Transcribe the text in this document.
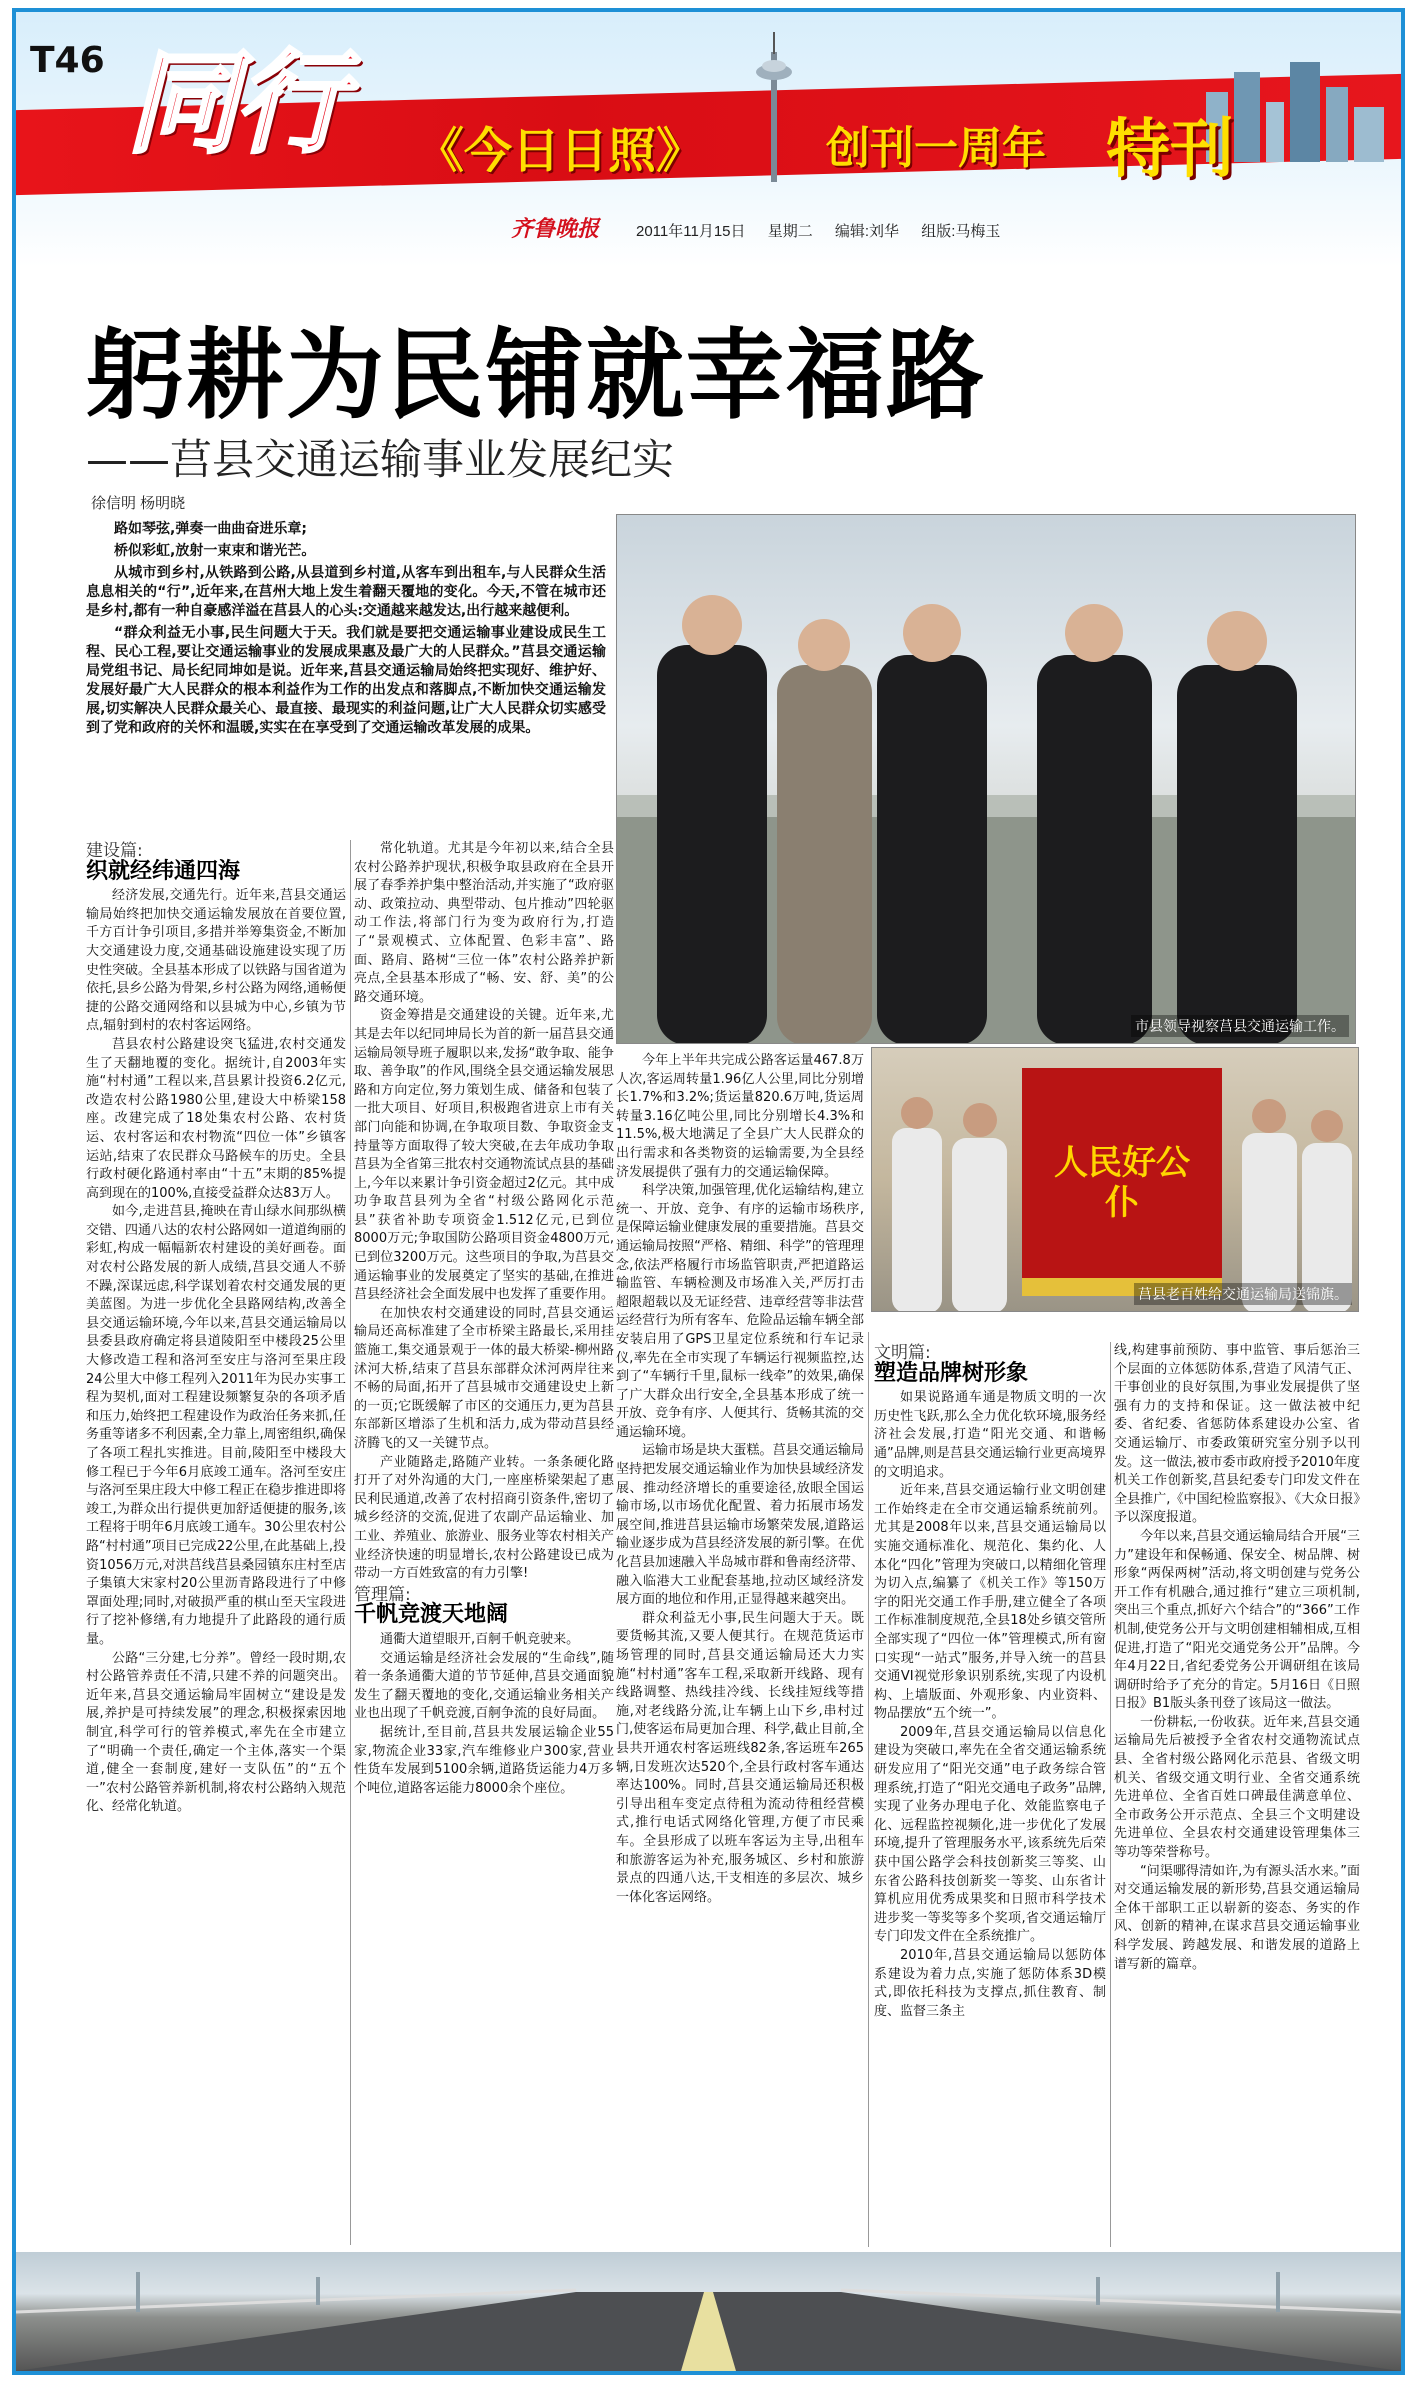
T46 同行 《今日日照》	创刊一周年 特刊
齐鲁晚报 2011年11月15日 星期二 编辑:刘华 组版:马梅玉
躬耕为民铺就幸福路
——莒县交通运输事业发展纪实
徐信明 杨明晓

路如琴弦,弹奏一曲曲奋进乐章;

桥似彩虹,放射一束束和谐光芒。

从城市到乡村,从铁路到公路,从县道到乡村道,从客车到出租车,与人民群众生活息息相关的“行”,近年来,在莒州大地上发生着翻天覆地的变化。今天,不管在城市还是乡村,都有一种自豪感洋溢在莒县人的心头:交通越来越发达,出行越来越便利。

“群众利益无小事,民生问题大于天。我们就是要把交通运输事业建设成民生工程、民心工程,要让交通运输事业的发展成果惠及最广大的人民群众。”莒县交通运输局党组书记、局长纪同坤如是说。近年来,莒县交通运输局始终把实现好、维护好、发展好最广大人民群众的根本利益作为工作的出发点和落脚点,不断加快交通运输发展,切实解决人民群众最关心、最直接、最现实的利益问题,让广大人民群众切实感受到了党和政府的关怀和温暖,实实在在享受到了交通运输改革发展的成果。

市县领导视察莒县交通运输工作。
人民好公仆
莒县老百姓给交通运输局送锦旗。
建设篇:
织就经纬通四海

经济发展,交通先行。近年来,莒县交通运输局始终把加快交通运输发展放在首要位置,千方百计争引项目,多措并举筹集资金,不断加大交通建设力度,交通基础设施建设实现了历史性突破。全县基本形成了以铁路与国省道为依托,县乡公路为骨架,乡村公路为网络,通畅便捷的公路交通网络和以县城为中心,乡镇为节点,辐射到村的农村客运网络。

莒县农村公路建设突飞猛进,农村交通发生了天翻地覆的变化。据统计,自2003年实施“村村通”工程以来,莒县累计投资6.2亿元,改造农村公路1980公里,建设大中桥梁158座。改建完成了18处集农村公路、农村货运、农村客运和农村物流“四位一体”乡镇客运站,结束了农民群众马路候车的历史。全县行政村硬化路通村率由“十五”末期的85%提高到现在的100%,直接受益群众达83万人。

如今,走进莒县,掩映在青山绿水间那纵横交错、四通八达的农村公路网如一道道绚丽的彩虹,构成一幅幅新农村建设的美好画卷。面对农村公路发展的新人成绩,莒县交通人不骄不躁,深谋远虑,科学谋划着农村交通发展的更美蓝图。为进一步优化全县路网结构,改善全县交通运输环境,今年以来,莒县交通运输局以县委县政府确定将县道陵阳至中楼段25公里大修改造工程和洛河至安庄与洛河至果庄段24公里大中修工程列入2011年为民办实事工程为契机,面对工程建设频繁复杂的各项矛盾和压力,始终把工程建设作为政治任务来抓,任务重等诸多不利因素,全力靠上,周密组织,确保了各项工程扎实推进。目前,陵阳至中楼段大修工程已于今年6月底竣工通车。洛河至安庄与洛河至果庄段大中修工程正在稳步推进即将竣工,为群众出行提供更加舒适便捷的服务,该工程将于明年6月底竣工通车。30公里农村公路“村村通”项目已完成22公里,在此基础上,投资1056万元,对洪莒线莒县桑园镇东庄村至店子集镇大宋家村20公里沥青路段进行了中修罩面处理;同时,对破损严重的棋山至天宝段进行了挖补修缮,有力地提升了此路段的通行质量。

公路“三分建,七分养”。曾经一段时期,农村公路管养责任不清,只建不养的问题突出。近年来,莒县交通运输局牢固树立“建设是发展,养护是可持续发展”的理念,积极探索因地制宜,科学可行的管养模式,率先在全市建立了“明确一个责任,确定一个主体,落实一个渠道,健全一套制度,建好一支队伍”的“五个一”农村公路管养新机制,将农村公路纳入规范化、经常化轨道。

常化轨道。尤其是今年初以来,结合全县农村公路养护现状,积极争取县政府在全县开展了春季养护集中整治活动,并实施了“政府驱动、政策拉动、典型带动、包片推动”四轮驱动工作法,将部门行为变为政府行为,打造了“景观模式、立体配置、色彩丰富”、路面、路肩、路树“三位一体”农村公路养护新亮点,全县基本形成了“畅、安、舒、美”的公路交通环境。

资金筹措是交通建设的关键。近年来,尤其是去年以纪同坤局长为首的新一届莒县交通运输局领导班子履职以来,发扬“敢争取、能争取、善争取”的作风,围绕全县交通运输发展思路和方向定位,努力策划生成、储备和包装了一批大项目、好项目,积极跑省进京上市有关部门向能和协调,在争取项目数、争取资金支持量等方面取得了较大突破,在去年成功争取莒县为全省第三批农村交通物流试点县的基础上,今年以来累计争引资金超过2亿元。其中成功争取莒县列为全省“村级公路网化示范县”获省补助专项资金1.512亿元,已到位8000万元;争取国防公路项目资金4800万元,已到位3200万元。这些项目的争取,为莒县交通运输事业的发展奠定了坚实的基础,在推进莒县经济社会全面发展中也发挥了重要作用。

在加快农村交通建设的同时,莒县交通运输局还高标准建了全市桥梁主路最长,采用挂篮施工,集交通景观于一体的最大桥梁-柳州路沭河大桥,结束了莒县东部群众沭河两岸往来不畅的局面,拓开了莒县城市交通建设史上新的一页;它既缓解了市区的交通压力,更为莒县东部新区增添了生机和活力,成为带动莒县经济腾飞的又一关键节点。

产业随路走,路随产业转。一条条硬化路打开了对外沟通的大门,一座座桥梁架起了惠民利民通道,改善了农村招商引资条件,密切了城乡经济的交流,促进了农副产品运输业、加工业、养殖业、旅游业、服务业等农村相关产业经济快速的明显增长,农村公路建设已成为带动一方百姓致富的有力引擎!

管理篇:
千帆竞渡天地阔

通衢大道望眼开,百舸千帆竞驶来。

交通运输是经济社会发展的“生命线”,随着一条条通衢大道的节节延伸,莒县交通面貌发生了翻天覆地的变化,交通运输业务相关产业也出现了千帆竞渡,百舸争流的良好局面。

据统计,至目前,莒县共发展运输企业55家,物流企业33家,汽车维修业户300家,营业性货车发展到5100余辆,道路货运能力4万多个吨位,道路客运能力8000余个座位。

今年上半年共完成公路客运量467.8万人次,客运周转量1.96亿人公里,同比分别增长1.7%和3.2%;货运量820.6万吨,货运周转量3.16亿吨公里,同比分别增长4.3%和11.5%,极大地满足了全县广大人民群众的出行需求和各类物资的运输需要,为全县经济发展提供了强有力的交通运输保障。

科学决策,加强管理,优化运输结构,建立统一、开放、竞争、有序的运输市场秩序,是保障运输业健康发展的重要措施。莒县交通运输局按照“严格、精细、科学”的管理理念,依法严格履行市场监管职责,严把道路运输监管、车辆检测及市场准入关,严厉打击超限超载以及无证经营、违章经营等非法营运经营行为所有客车、危险品运输车辆全部安装启用了GPS卫星定位系统和行车记录仪,率先在全市实现了车辆运行视频监控,达到了“车辆行千里,鼠标一线牵”的效果,确保了广大群众出行安全,全县基本形成了统一开放、竞争有序、人便其行、货畅其流的交通运输环境。

运输市场是块大蛋糕。莒县交通运输局坚持把发展交通运输业作为加快县域经济发展、推动经济增长的重要途径,放眼全国运输市场,以市场优化配置、着力拓展市场发展空间,推进莒县运输市场繁荣发展,道路运输业逐步成为莒县经济发展的新引擎。在优化莒县加速融入半岛城市群和鲁南经济带、融入临港大工业配套基地,拉动区域经济发展方面的地位和作用,正显得越来越突出。

群众利益无小事,民生问题大于天。既要货畅其流,又要人便其行。在规范货运市场管理的同时,莒县交通运输局还大力实施“村村通”客车工程,采取新开线路、现有线路调整、热线挂冷线、长线挂短线等措施,对老线路分流,让车辆上山下乡,串村过门,使客运布局更加合理、科学,截止目前,全县共开通农村客运班线82条,客运班车265辆,日发班次达520个,全县行政村客车通达率达100%。同时,莒县交通运输局还积极引导出租车变定点待租为流动待租经营模式,推行电话式网络化管理,方便了市民乘车。全县形成了以班车客运为主导,出租车和旅游客运为补充,服务城区、乡村和旅游景点的四通八达,干支相连的多层次、城乡一体化客运网络。

文明篇:
塑造品牌树形象

如果说路通车通是物质文明的一次历史性飞跃,那么全力优化软环境,服务经济社会发展,打造“阳光交通、和谐畅通”品牌,则是莒县交通运输行业更高境界的文明追求。

近年来,莒县交通运输行业文明创建工作始终走在全市交通运输系统前列。尤其是2008年以来,莒县交通运输局以实施交通标准化、规范化、集约化、人本化“四化”管理为突破口,以精细化管理为切入点,编纂了《机关工作》等150万字的阳光交通工作手册,建立健全了各项工作标准制度规范,全县18处乡镇交管所全部实现了“四位一体”管理模式,所有窗口实现“一站式”服务,并导入统一的莒县交通VI视觉形象识别系统,实现了内设机构、上墙版面、外观形象、内业资料、物品摆放“五个统一”。

2009年,莒县交通运输局以信息化建设为突破口,率先在全省交通运输系统研发应用了“阳光交通”电子政务综合管理系统,打造了“阳光交通电子政务”品牌,实现了业务办理电子化、效能监察电子化、远程监控视频化,进一步优化了发展环境,提升了管理服务水平,该系统先后荣获中国公路学会科技创新奖三等奖、山东省公路科技创新奖一等奖、山东省计算机应用优秀成果奖和日照市科学技术进步奖一等奖等多个奖项,省交通运输厅专门印发文件在全系统推广。

2010年,莒县交通运输局以惩防体系建设为着力点,实施了惩防体系3D模式,即依托科技为支撑点,抓住教育、制度、监督三条主

线,构建事前预防、事中监管、事后惩治三个层面的立体惩防体系,营造了风清气正、干事创业的良好氛围,为事业发展提供了坚强有力的支持和保证。这一做法被中纪委、省纪委、省惩防体系建设办公室、省交通运输厅、市委政策研究室分别予以刊发。这一做法,被市委市政府授予2010年度机关工作创新奖,莒县纪委专门印发文件在全县推广,《中国纪检监察报》、《大众日报》予以深度报道。

今年以来,莒县交通运输局结合开展“三力”建设年和保畅通、保安全、树品牌、树形象“两保两树”活动,将文明创建与党务公开工作有机融合,通过推行“建立三项机制,突出三个重点,抓好六个结合”的“366”工作机制,使党务公开与文明创建相辅相成,互相促进,打造了“阳光交通党务公开”品牌。今年4月22日,省纪委党务公开调研组在该局调研时给予了充分的肯定。5月16日《日照日报》B1版头条刊登了该局这一做法。

一份耕耘,一份收获。近年来,莒县交通运输局先后被授予全省农村交通物流试点县、全省村级公路网化示范县、省级文明机关、省级交通文明行业、全省交通系统先进单位、全省百姓口碑最佳满意单位、全市政务公开示范点、全县三个文明建设先进单位、全县农村交通建设管理集体三等功等荣誉称号。

“问渠哪得清如许,为有源头活水来。”面对交通运输发展的新形势,莒县交通运输局全体干部职工正以崭新的姿态、务实的作风、创新的精神,在谋求莒县交通运输事业科学发展、跨越发展、和谐发展的道路上谱写新的篇章。
